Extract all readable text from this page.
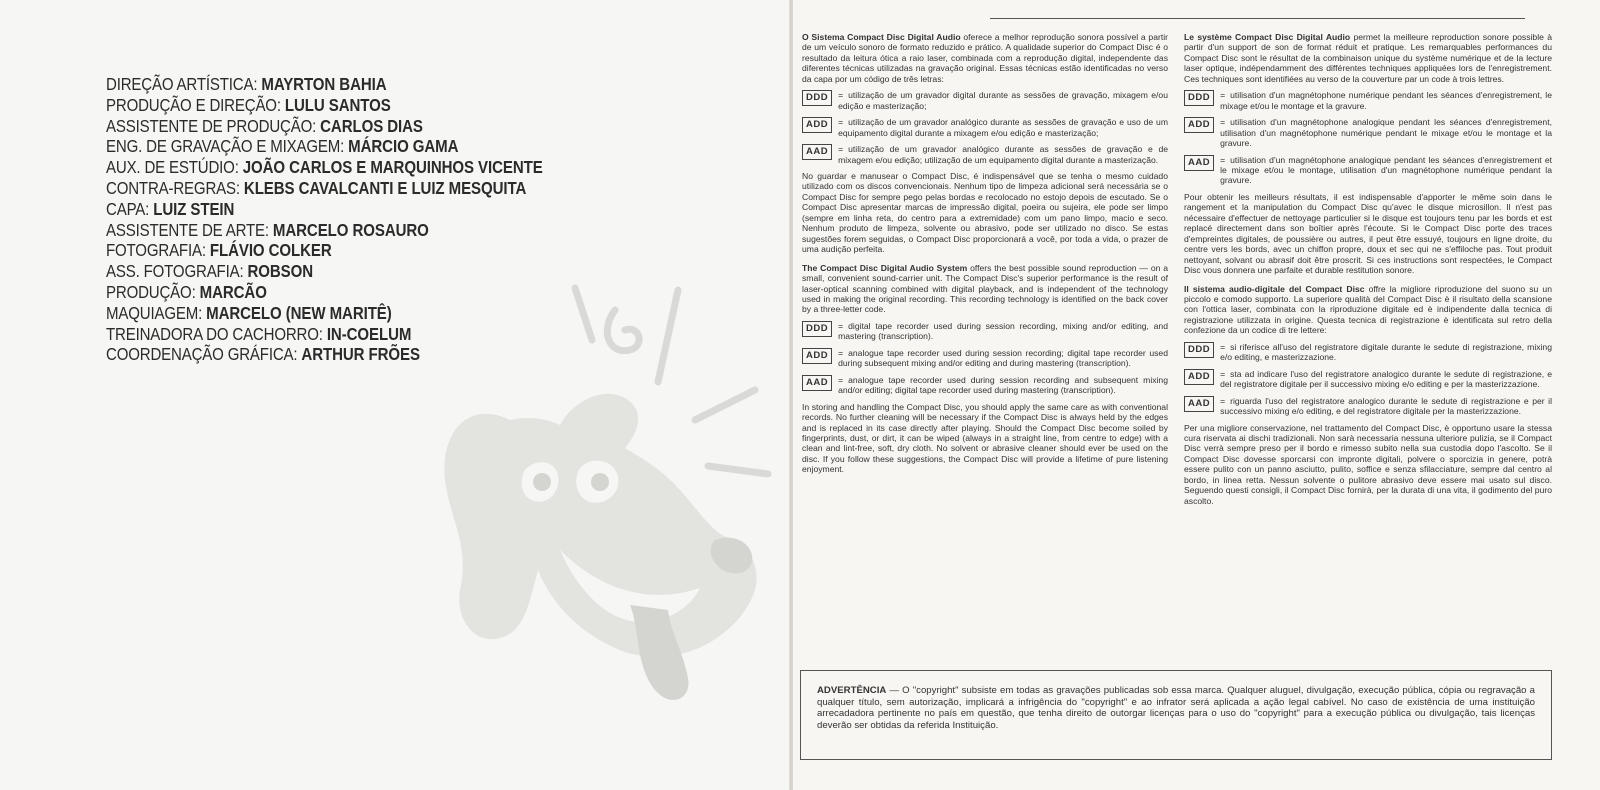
DIREÇÃO ARTÍSTICA: MAYRTON BAHIA
PRODUÇÃO E DIREÇÃO: LULU SANTOS
ASSISTENTE DE PRODUÇÃO: CARLOS DIAS
ENG. DE GRAVAÇÃO E MIXAGEM: MÁRCIO GAMA
AUX. DE ESTÚDIO: JOÃO CARLOS E MARQUINHOS VICENTE
CONTRA-REGRAS: KLEBS CAVALCANTI E LUIZ MESQUITA
CAPA: LUIZ STEIN
ASSISTENTE DE ARTE: MARCELO ROSAURO
FOTOGRAFIA: FLÁVIO COLKER
ASS. FOTOGRAFIA: ROBSON
PRODUÇÃO: MARCÃO
MAQUIAGEM: MARCELO (NEW MARITÊ)
TREINADORA DO CACHORRO: IN-COELUM
COORDENAÇÃO GRÁFICA: ARTHUR FRÕES

O Sistema Compact Disc Digital Audio oferece a melhor reprodução sonora possível a partir de um veículo sonoro de formato reduzido e prático. A qualidade superior do Compact Disc é o resultado da leitura ótica a raio laser, combinada com a reprodução digital, independente das diferentes técnicas utilizadas na gravação original. Essas técnicas estão identificadas no verso da capa por um código de três letras:

DDD	= utilização de um gravador digital durante as sessões de gravação, mixagem e/ou edição e masterização;
ADD	= utilização de um gravador analógico durante as sessões de gravação e uso de um equipamento digital durante a mixagem e/ou edição e masterização;
AAD	= utilização de um gravador analógico durante as sessões de gravação e de mixagem e/ou edição; utilização de um equipamento digital durante a masterização.

No guardar e manusear o Compact Disc, é indispensável que se tenha o mesmo cuidado utilizado com os discos convencionais. Nenhum tipo de limpeza adicional será necessária se o Compact Disc for sempre pego pelas bordas e recolocado no estojo depois de escutado. Se o Compact Disc apresentar marcas de impressão digital, poeira ou sujeira, ele pode ser limpo (sempre em linha reta, do centro para a extremidade) com um pano limpo, macio e seco. Nenhum produto de limpeza, solvente ou abrasivo, pode ser utilizado no disco. Se estas sugestões forem seguidas, o Compact Disc proporcionará a você, por toda a vida, o prazer de uma audição perfeita.

The Compact Disc Digital Audio System offers the best possible sound reproduction — on a small, convenient sound-carrier unit. The Compact Disc's superior performance is the result of laser-optical scanning combined with digital playback, and is independent of the technology used in making the original recording. This recording technology is identified on the back cover by a three-letter code.

DDD	= digital tape recorder used during session recording, mixing and/or editing, and mastering (transcription).
ADD	= analogue tape recorder used during session recording; digital tape recorder used during subsequent mixing and/or editing and during mastering (transcription).
AAD	= analogue tape recorder used during session recording and subsequent mixing and/or editing; digital tape recorder used during mastering (transcription).

In storing and handling the Compact Disc, you should apply the same care as with conventional records. No further cleaning will be necessary if the Compact Disc is always held by the edges and is replaced in its case directly after playing. Should the Compact Disc become soiled by fingerprints, dust, or dirt, it can be wiped (always in a straight line, from centre to edge) with a clean and lint-free, soft, dry cloth. No solvent or abrasive cleaner should ever be used on the disc. If you follow these suggestions, the Compact Disc will provide a lifetime of pure listening enjoyment.

Le système Compact Disc Digital Audio permet la meilleure reproduction sonore possible à partir d'un support de son de format réduit et pratique. Les remarquables performances du Compact Disc sont le résultat de la combinaison unique du système numérique et de la lecture laser optique, indépendamment des différentes techniques appliquées lors de l'enregistrement. Ces techniques sont identifiées au verso de la couverture par un code à trois lettres.

DDD	= utilisation d'un magnétophone numérique pendant les séances d'enregistrement, le mixage et/ou le montage et la gravure.
ADD	= utilisation d'un magnétophone analogique pendant les séances d'enregistrement, utilisation d'un magnétophone numérique pendant le mixage et/ou le montage et la gravure.
AAD	= utilisation d'un magnétophone analogique pendant les séances d'enregistrement et le mixage et/ou le montage, utilisation d'un magnétophone numérique pendant la gravure.

Pour obtenir les meilleurs résultats, il est indispensable d'apporter le même soin dans le rangement et la manipulation du Compact Disc qu'avec le disque microsillon. Il n'est pas nécessaire d'effectuer de nettoyage particulier si le disque est toujours tenu par les bords et est replacé directement dans son boîtier après l'écoute. Si le Compact Disc porte des traces d'empreintes digitales, de poussière ou autres, il peut être essuyé, toujours en ligne droite, du centre vers les bords, avec un chiffon propre, doux et sec qui ne s'effiloche pas. Tout produit nettoyant, solvant ou abrasif doit être proscrit. Si ces instructions sont respectées, le Compact Disc vous donnera une parfaite et durable restitution sonore.

Il sistema audio-digitale del Compact Disc offre la migliore riproduzione del suono su un piccolo e comodo supporto. La superiore qualità del Compact Disc è il risultato della scansione con l'ottica laser, combinata con la riproduzione digitale ed è indipendente dalla tecnica di registrazione utilizzata in origine. Questa tecnica di registrazione è identificata sul retro della confezione da un codice di tre lettere:

DDD	= si riferisce all'uso del registratore digitale durante le sedute di registrazione, mixing e/o editing, e masterizzazione.
ADD	= sta ad indicare l'uso del registratore analogico durante le sedute di registrazione, e del registratore digitale per il successivo mixing e/o editing e per la masterizzazione.
AAD	= riguarda l'uso del registratore analogico durante le sedute di registrazione e per il successivo mixing e/o editing, e del registratore digitale per la masterizzazione.

Per una migliore conservazione, nel trattamento del Compact Disc, è opportuno usare la stessa cura riservata ai dischi tradizionali. Non sarà necessaria nessuna ulteriore pulizia, se il Compact Disc verrà sempre preso per il bordo e rimesso subito nella sua custodia dopo l'ascolto. Se il Compact Disc dovesse sporcarsi con impronte digitali, polvere o sporcizia in genere, potrà essere pulito con un panno asciutto, pulito, soffice e senza sfilacciature, sempre dal centro al bordo, in linea retta. Nessun solvente o pulitore abrasivo deve essere mai usato sul disco. Seguendo questi consigli, il Compact Disc fornirà, per la durata di una vita, il godimento del puro ascolto.

ADVERTÊNCIA — O "copyright" subsiste em todas as gravações publicadas sob essa marca. Qualquer aluguel, divulgação, execução pública, cópia ou regravação a qualquer título, sem autorização, implicará a infrigência do "copyright" e ao infrator será aplicada a ação legal cabível. No caso de existência de uma instituição arrecadadora pertinente no país em questão, que tenha direito de outorgar licenças para o uso do "copyright" para a execução pública ou divulgação, tais licenças deverão ser obtidas da referida Instituição.
